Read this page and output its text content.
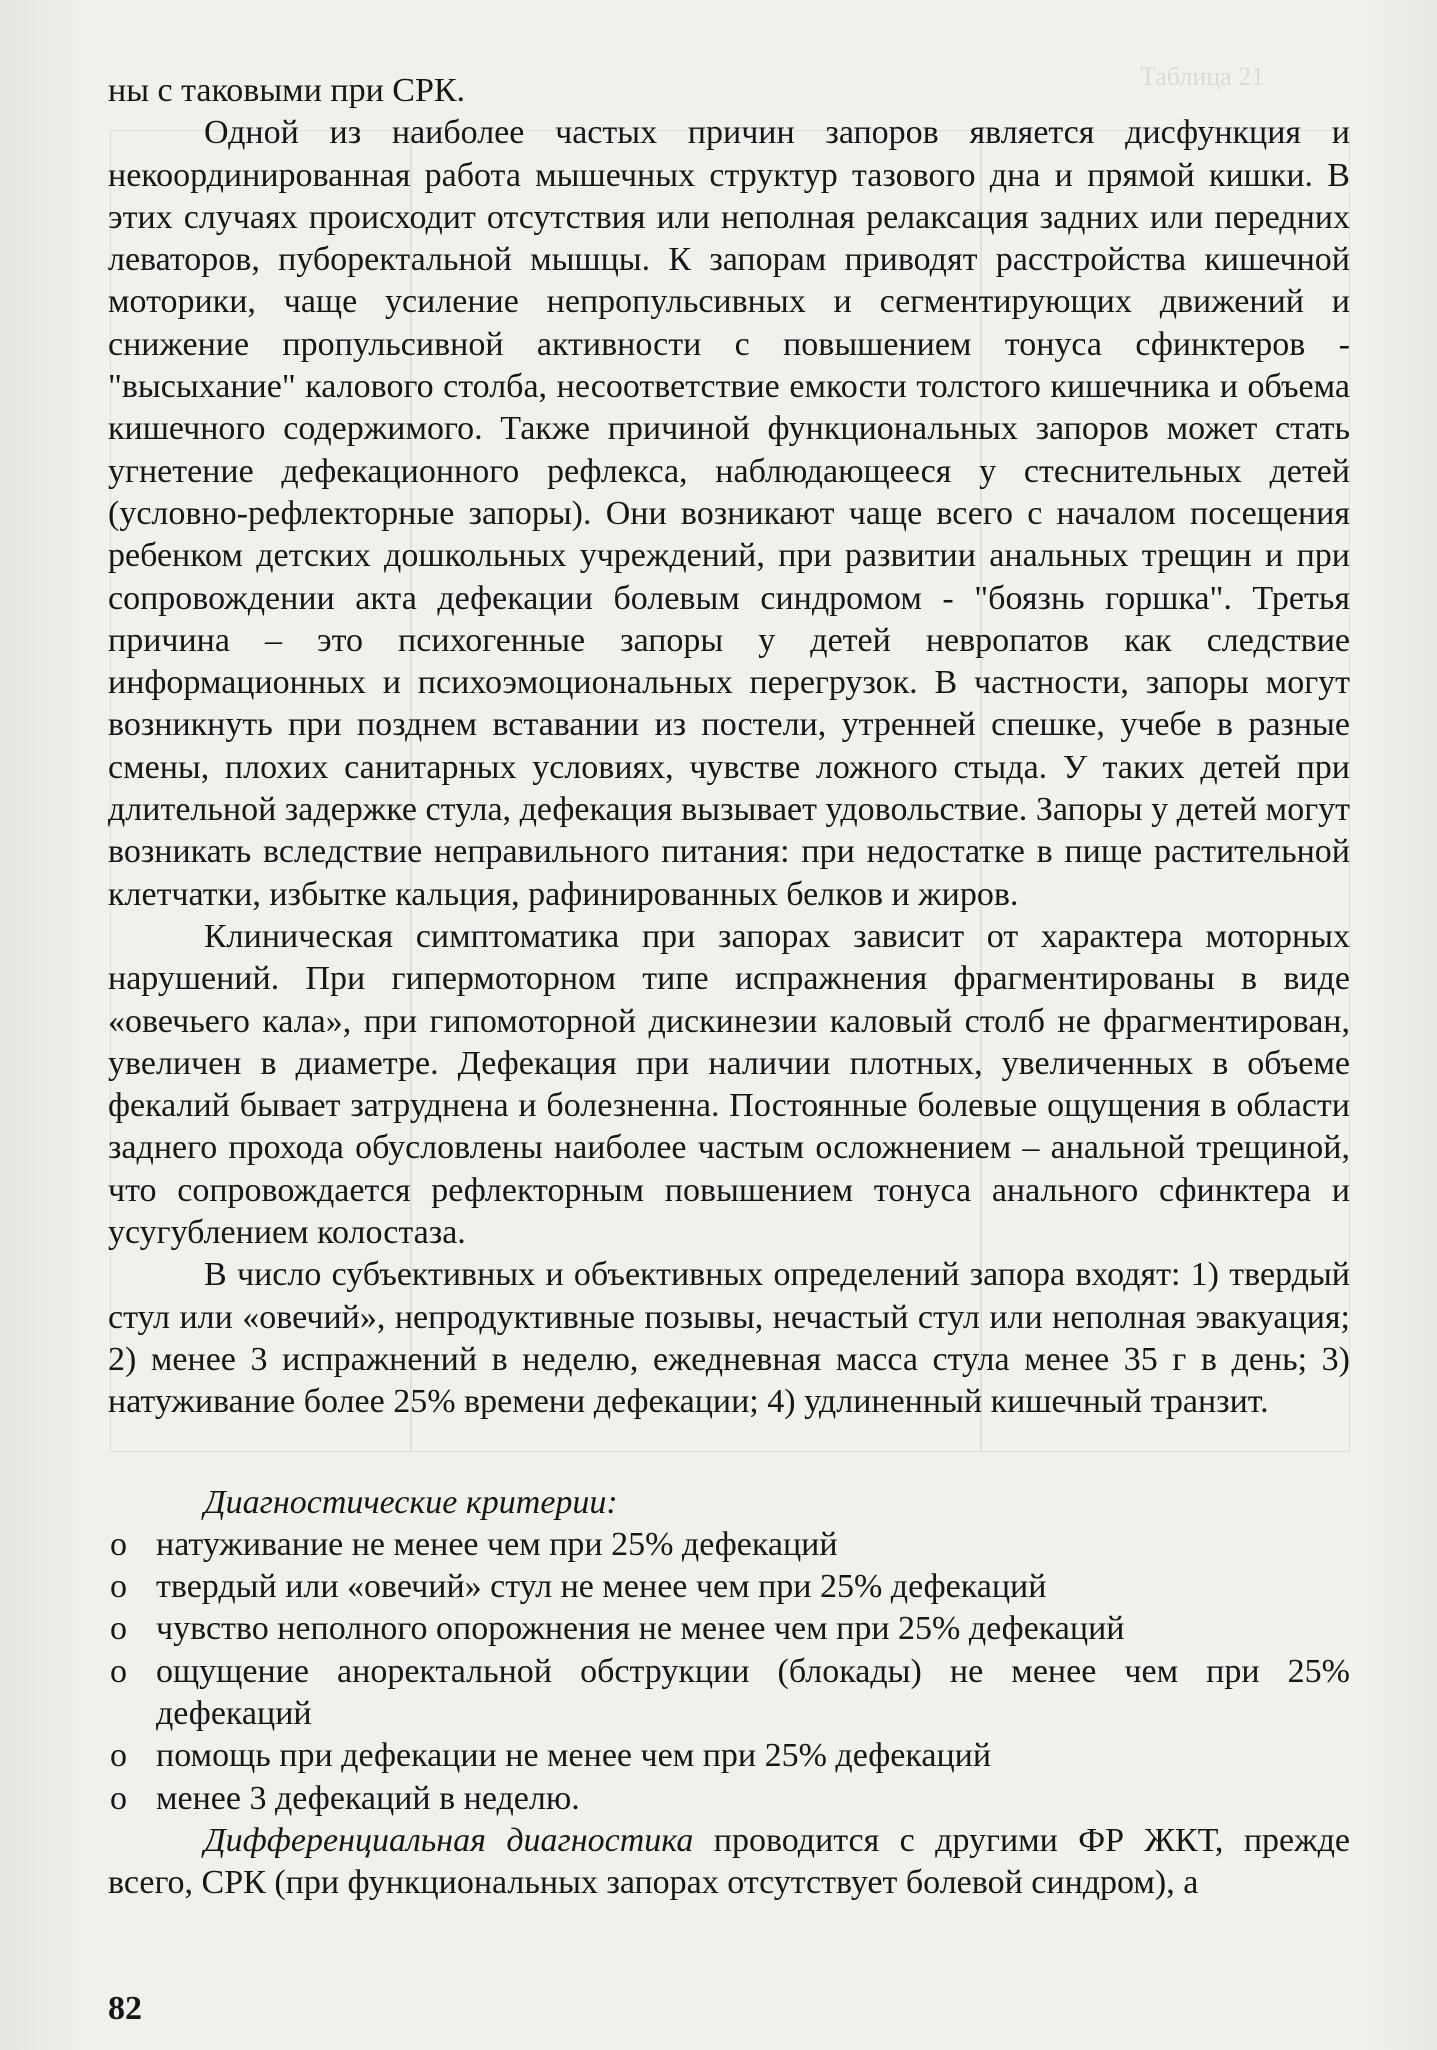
Таблица 21

ны с таковыми при СРК.

Одной из наиболее частых причин запоров является дисфункция и некоординированная работа мышечных структур тазового дна и прямой кишки. В этих случаях происходит отсутствия или неполная релаксация задних или передних леваторов, пуборектальной мышцы. К запорам приводят расстройства кишечной моторики, чаще усиление непропульсивных и сегментирующих движений и снижение пропульсивной активности с повышением тонуса сфинктеров - "высыхание" калового столба, несоответствие емкости толстого кишечника и объема кишечного содержимого. Также причиной функциональных запоров может стать угнетение дефекационного рефлекса, наблюдающееся у стеснительных детей (условно-рефлекторные запоры). Они возникают чаще всего с началом посещения ребенком детских дошкольных учреждений, при развитии анальных трещин и при сопровождении акта дефекации болевым синдромом - "боязнь горшка". Третья причина – это психогенные запоры у детей невропатов как следствие информационных и психоэмоциональных перегрузок. В частности, запоры могут возникнуть при позднем вставании из постели, утренней спешке, учебе в разные смены, плохих санитарных условиях, чувстве ложного стыда. У таких детей при длительной задержке стула, дефекация вызывает удовольствие. Запоры у детей могут возникать вследствие неправильного питания: при недостатке в пище растительной клетчатки, избытке кальция, рафинированных белков и жиров.

Клиническая симптоматика при запорах зависит от характера моторных нарушений. При гипермоторном типе испражнения фрагментированы в виде «овечьего кала», при гипомоторной дискинезии каловый столб не фрагментирован, увеличен в диаметре. Дефекация при наличии плотных, увеличенных в объеме фекалий бывает затруднена и болезненна. Постоянные болевые ощущения в области заднего прохода обусловлены наиболее частым осложнением – анальной трещиной, что сопровождается рефлекторным повышением тонуса анального сфинктера и усугублением колостаза.

В число субъективных и объективных определений запора входят: 1) твердый стул или «овечий», непродуктивные позывы, нечастый стул или неполная эвакуация; 2) менее 3 испражнений в неделю, ежедневная масса стула менее 35 г в день; 3) натуживание более 25% времени дефекации; 4) удлиненный кишечный транзит.

Диагностические критерии:

o натуживание не менее чем при 25% дефекаций
o твердый или «овечий» стул не менее чем при 25% дефекаций
o чувство неполного опорожнения не менее чем при 25% дефекаций
o ощущение аноректальной обструкции (блокады) не менее чем при 25% дефекаций
o помощь при дефекации не менее чем при 25% дефекаций
o менее 3 дефекаций в неделю.

Дифференциальная диагностика проводится с другими ФР ЖКТ, прежде всего, СРК (при функциональных запорах отсутствует болевой синдром), а

82
